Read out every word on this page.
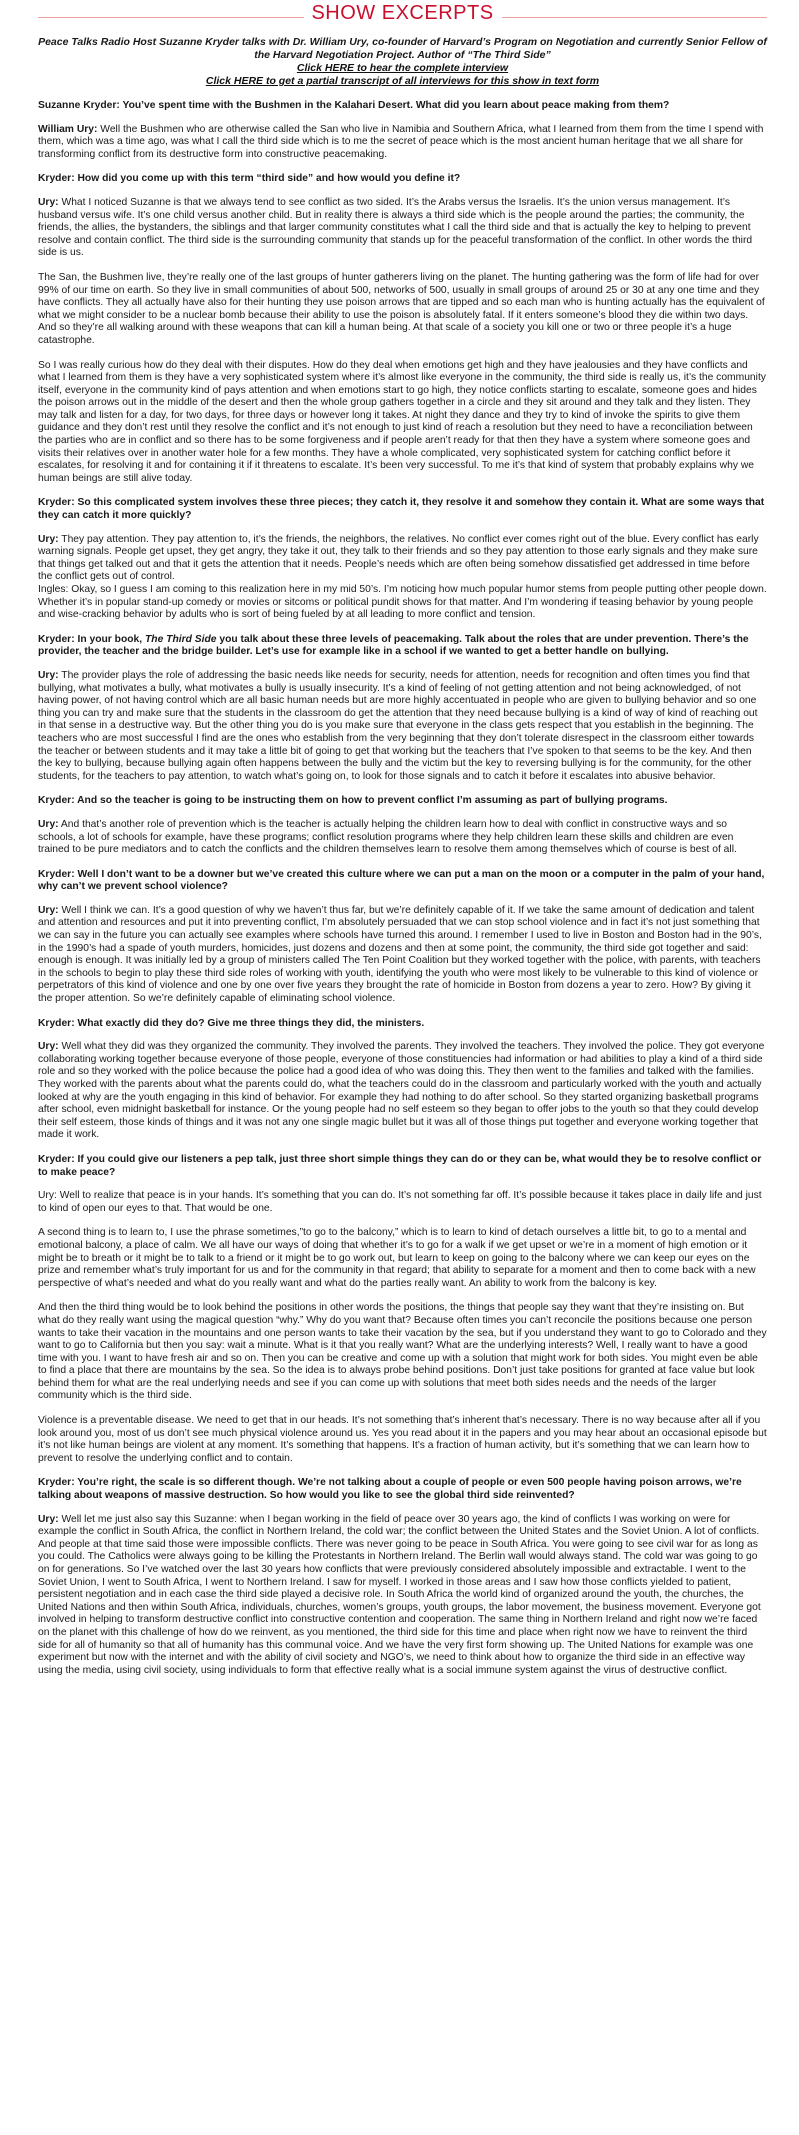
SHOW EXCERPTS
Peace Talks Radio Host Suzanne Kryder talks with Dr. William Ury, co-founder of Harvard’s Program on Negotiation and currently Senior Fellow of the Harvard Negotiation Project. Author of “The Third Side”
Click HERE to hear the complete interview
Click HERE to get a partial transcript of all interviews for this show in text form

Suzanne Kryder: You’ve spent time with the Bushmen in the Kalahari Desert. What did you learn about peace making from them?

William Ury: Well the Bushmen who are otherwise called the San who live in Namibia and Southern Africa, what I learned from them from the time I spend with them, which was a time ago, was what I call the third side which is to me the secret of peace which is the most ancient human heritage that we all share for transforming conflict from its destructive form into constructive peacemaking.

Kryder: How did you come up with this term “third side” and how would you define it?

Ury: What I noticed Suzanne is that we always tend to see conflict as two sided. It’s the Arabs versus the Israelis. It’s the union versus management. It’s husband versus wife. It’s one child versus another child. But in reality there is always a third side which is the people around the parties; the community, the friends, the allies, the bystanders, the siblings and that larger community constitutes what I call the third side and that is actually the key to helping to prevent resolve and contain conflict. The third side is the surrounding community that stands up for the peaceful transformation of the conflict. In other words the third side is us.

The San, the Bushmen live, they’re really one of the last groups of hunter gatherers living on the planet. The hunting gathering was the form of life had for over 99% of our time on earth. So they live in small communities of about 500, networks of 500, usually in small groups of around 25 or 30 at any one time and they have conflicts. They all actually have also for their hunting they use poison arrows that are tipped and so each man who is hunting actually has the equivalent of what we might consider to be a nuclear bomb because their ability to use the poison is absolutely fatal. If it enters someone’s blood they die within two days. And so they’re all walking around with these weapons that can kill a human being. At that scale of a society you kill one or two or three people it’s a huge catastrophe.

So I was really curious how do they deal with their disputes. How do they deal when emotions get high and they have jealousies and they have conflicts and what I learned from them is they have a very sophisticated system where it’s almost like everyone in the community, the third side is really us, it’s the community itself, everyone in the community kind of pays attention and when emotions start to go high, they notice conflicts starting to escalate, someone goes and hides the poison arrows out in the middle of the desert and then the whole group gathers together in a circle and they sit around and they talk and they listen. They may talk and listen for a day, for two days, for three days or however long it takes. At night they dance and they try to kind of invoke the spirits to give them guidance and they don’t rest until they resolve the conflict and it’s not enough to just kind of reach a resolution but they need to have a reconciliation between the parties who are in conflict and so there has to be some forgiveness and if people aren’t ready for that then they have a system where someone goes and visits their relatives over in another water hole for a few months. They have a whole complicated, very sophisticated system for catching conflict before it escalates, for resolving it and for containing it if it threatens to escalate. It’s been very successful. To me it’s that kind of system that probably explains why we human beings are still alive today.

Kryder: So this complicated system involves these three pieces; they catch it, they resolve it and somehow they contain it. What are some ways that they can catch it more quickly?

Ury: They pay attention. They pay attention to, it’s the friends, the neighbors, the relatives. No conflict ever comes right out of the blue. Every conflict has early warning signals. People get upset, they get angry, they take it out, they talk to their friends and so they pay attention to those early signals and they make sure that things get talked out and that it gets the attention that it needs. People’s needs which are often being somehow dissatisfied get addressed in time before the conflict gets out of control.
Ingles: Okay, so I guess I am coming to this realization here in my mid 50’s. I’m noticing how much popular humor stems from people putting other people down. Whether it’s in popular stand-up comedy or movies or sitcoms or political pundit shows for that matter. And I’m wondering if teasing behavior by young people and wise-cracking behavior by adults who is sort of being fueled by at all leading to more conflict and tension.

Kryder: In your book, The Third Side you talk about these three levels of peacemaking. Talk about the roles that are under prevention. There’s the provider, the teacher and the bridge builder. Let’s use for example like in a school if we wanted to get a better handle on bullying.

Ury: The provider plays the role of addressing the basic needs like needs for security, needs for attention, needs for recognition and often times you find that bullying, what motivates a bully, what motivates a bully is usually insecurity. It’s a kind of feeling of not getting attention and not being acknowledged, of not having power, of not having control which are all basic human needs but are more highly accentuated in people who are given to bullying behavior and so one thing you can try and make sure that the students in the classroom do get the attention that they need because bullying is a kind of way of kind of reaching out in that sense in a destructive way. But the other thing you do is you make sure that everyone in the class gets respect that you establish in the beginning. The teachers who are most successful I find are the ones who establish from the very beginning that they don’t tolerate disrespect in the classroom either towards the teacher or between students and it may take a little bit of going to get that working but the teachers that I’ve spoken to that seems to be the key. And then the key to bullying, because bullying again often happens between the bully and the victim but the key to reversing bullying is for the community, for the other students, for the teachers to pay attention, to watch what’s going on, to look for those signals and to catch it before it escalates into abusive behavior.

Kryder: And so the teacher is going to be instructing them on how to prevent conflict I’m assuming as part of bullying programs.

Ury: And that’s another role of prevention which is the teacher is actually helping the children learn how to deal with conflict in constructive ways and so schools, a lot of schools for example, have these programs; conflict resolution programs where they help children learn these skills and children are even trained to be pure mediators and to catch the conflicts and the children themselves learn to resolve them among themselves which of course is best of all.

Kryder: Well I don’t want to be a downer but we’ve created this culture where we can put a man on the moon or a computer in the palm of your hand, why can’t we prevent school violence?

Ury: Well I think we can. It’s a good question of why we haven’t thus far, but we’re definitely capable of it. If we take the same amount of dedication and talent and attention and resources and put it into preventing conflict, I’m absolutely persuaded that we can stop school violence and in fact it’s not just something that we can say in the future you can actually see examples where schools have turned this around. I remember I used to live in Boston and Boston had in the 90’s, in the 1990’s had a spade of youth murders, homicides, just dozens and dozens and then at some point, the community, the third side got together and said: enough is enough. It was initially led by a group of ministers called The Ten Point Coalition but they worked together with the police, with parents, with teachers in the schools to begin to play these third side roles of working with youth, identifying the youth who were most likely to be vulnerable to this kind of violence or perpetrators of this kind of violence and one by one over five years they brought the rate of homicide in Boston from dozens a year to zero. How? By giving it the proper attention. So we’re definitely capable of eliminating school violence.

Kryder: What exactly did they do? Give me three things they did, the ministers.

Ury: Well what they did was they organized the community. They involved the parents. They involved the teachers. They involved the police. They got everyone collaborating working together because everyone of those people, everyone of those constituencies had information or had abilities to play a kind of a third side role and so they worked with the police because the police had a good idea of who was doing this. They then went to the families and talked with the families. They worked with the parents about what the parents could do, what the teachers could do in the classroom and particularly worked with the youth and actually looked at why are the youth engaging in this kind of behavior. For example they had nothing to do after school. So they started organizing basketball programs after school, even midnight basketball for instance. Or the young people had no self esteem so they began to offer jobs to the youth so that they could develop their self esteem, those kinds of things and it was not any one single magic bullet but it was all of those things put together and everyone working together that made it work.

Kryder: If you could give our listeners a pep talk, just three short simple things they can do or they can be, what would they be to resolve conflict or to make peace?

Ury: Well to realize that peace is in your hands. It’s something that you can do. It’s not something far off. It’s possible because it takes place in daily life and just to kind of open our eyes to that. That would be one.

A second thing is to learn to, I use the phrase sometimes,”to go to the balcony,” which is to learn to kind of detach ourselves a little bit, to go to a mental and emotional balcony, a place of calm. We all have our ways of doing that whether it’s to go for a walk if we get upset or we’re in a moment of high emotion or it might be to breath or it might be to talk to a friend or it might be to go work out, but learn to keep on going to the balcony where we can keep our eyes on the prize and remember what’s truly important for us and for the community in that regard; that ability to separate for a moment and then to come back with a new perspective of what’s needed and what do you really want and what do the parties really want. An ability to work from the balcony is key.

And then the third thing would be to look behind the positions in other words the positions, the things that people say they want that they’re insisting on. But what do they really want using the magical question “why.” Why do you want that? Because often times you can’t reconcile the positions because one person wants to take their vacation in the mountains and one person wants to take their vacation by the sea, but if you understand they want to go to Colorado and they want to go to California but then you say: wait a minute. What is it that you really want? What are the underlying interests? Well, I really want to have a good time with you. I want to have fresh air and so on. Then you can be creative and come up with a solution that might work for both sides. You might even be able to find a place that there are mountains by the sea. So the idea is to always probe behind positions. Don’t just take positions for granted at face value but look behind them for what are the real underlying needs and see if you can come up with solutions that meet both sides needs and the needs of the larger community which is the third side.

Violence is a preventable disease. We need to get that in our heads. It’s not something that’s inherent that’s necessary. There is no way because after all if you look around you, most of us don’t see much physical violence around us. Yes you read about it in the papers and you may hear about an occasional episode but it’s not like human beings are violent at any moment. It’s something that happens. It’s a fraction of human activity, but it’s something that we can learn how to prevent to resolve the underlying conflict and to contain.

Kryder: You’re right, the scale is so different though. We’re not talking about a couple of people or even 500 people having poison arrows, we’re talking about weapons of massive destruction. So how would you like to see the global third side reinvented?

Ury: Well let me just also say this Suzanne: when I began working in the field of peace over 30 years ago, the kind of conflicts I was working on were for example the conflict in South Africa, the conflict in Northern Ireland, the cold war; the conflict between the United States and the Soviet Union. A lot of conflicts. And people at that time said those were impossible conflicts. There was never going to be peace in South Africa. You were going to see civil war for as long as you could. The Catholics were always going to be killing the Protestants in Northern Ireland. The Berlin wall would always stand. The cold war was going to go on for generations. So I’ve watched over the last 30 years how conflicts that were previously considered absolutely impossible and extractable. I went to the Soviet Union, I went to South Africa, I went to Northern Ireland. I saw for myself. I worked in those areas and I saw how those conflicts yielded to patient, persistent negotiation and in each case the third side played a decisive role. In South Africa the world kind of organized around the youth, the churches, the United Nations and then within South Africa, individuals, churches, women’s groups, youth groups, the labor movement, the business movement. Everyone got involved in helping to transform destructive conflict into constructive contention and cooperation. The same thing in Northern Ireland and right now we’re faced on the planet with this challenge of how do we reinvent, as you mentioned, the third side for this time and place when right now we have to reinvent the third side for all of humanity so that all of humanity has this communal voice. And we have the very first form showing up. The United Nations for example was one experiment but now with the internet and with the ability of civil society and NGO’s, we need to think about how to organize the third side in an effective way using the media, using civil society, using individuals to form that effective really what is a social immune system against the virus of destructive conflict.
